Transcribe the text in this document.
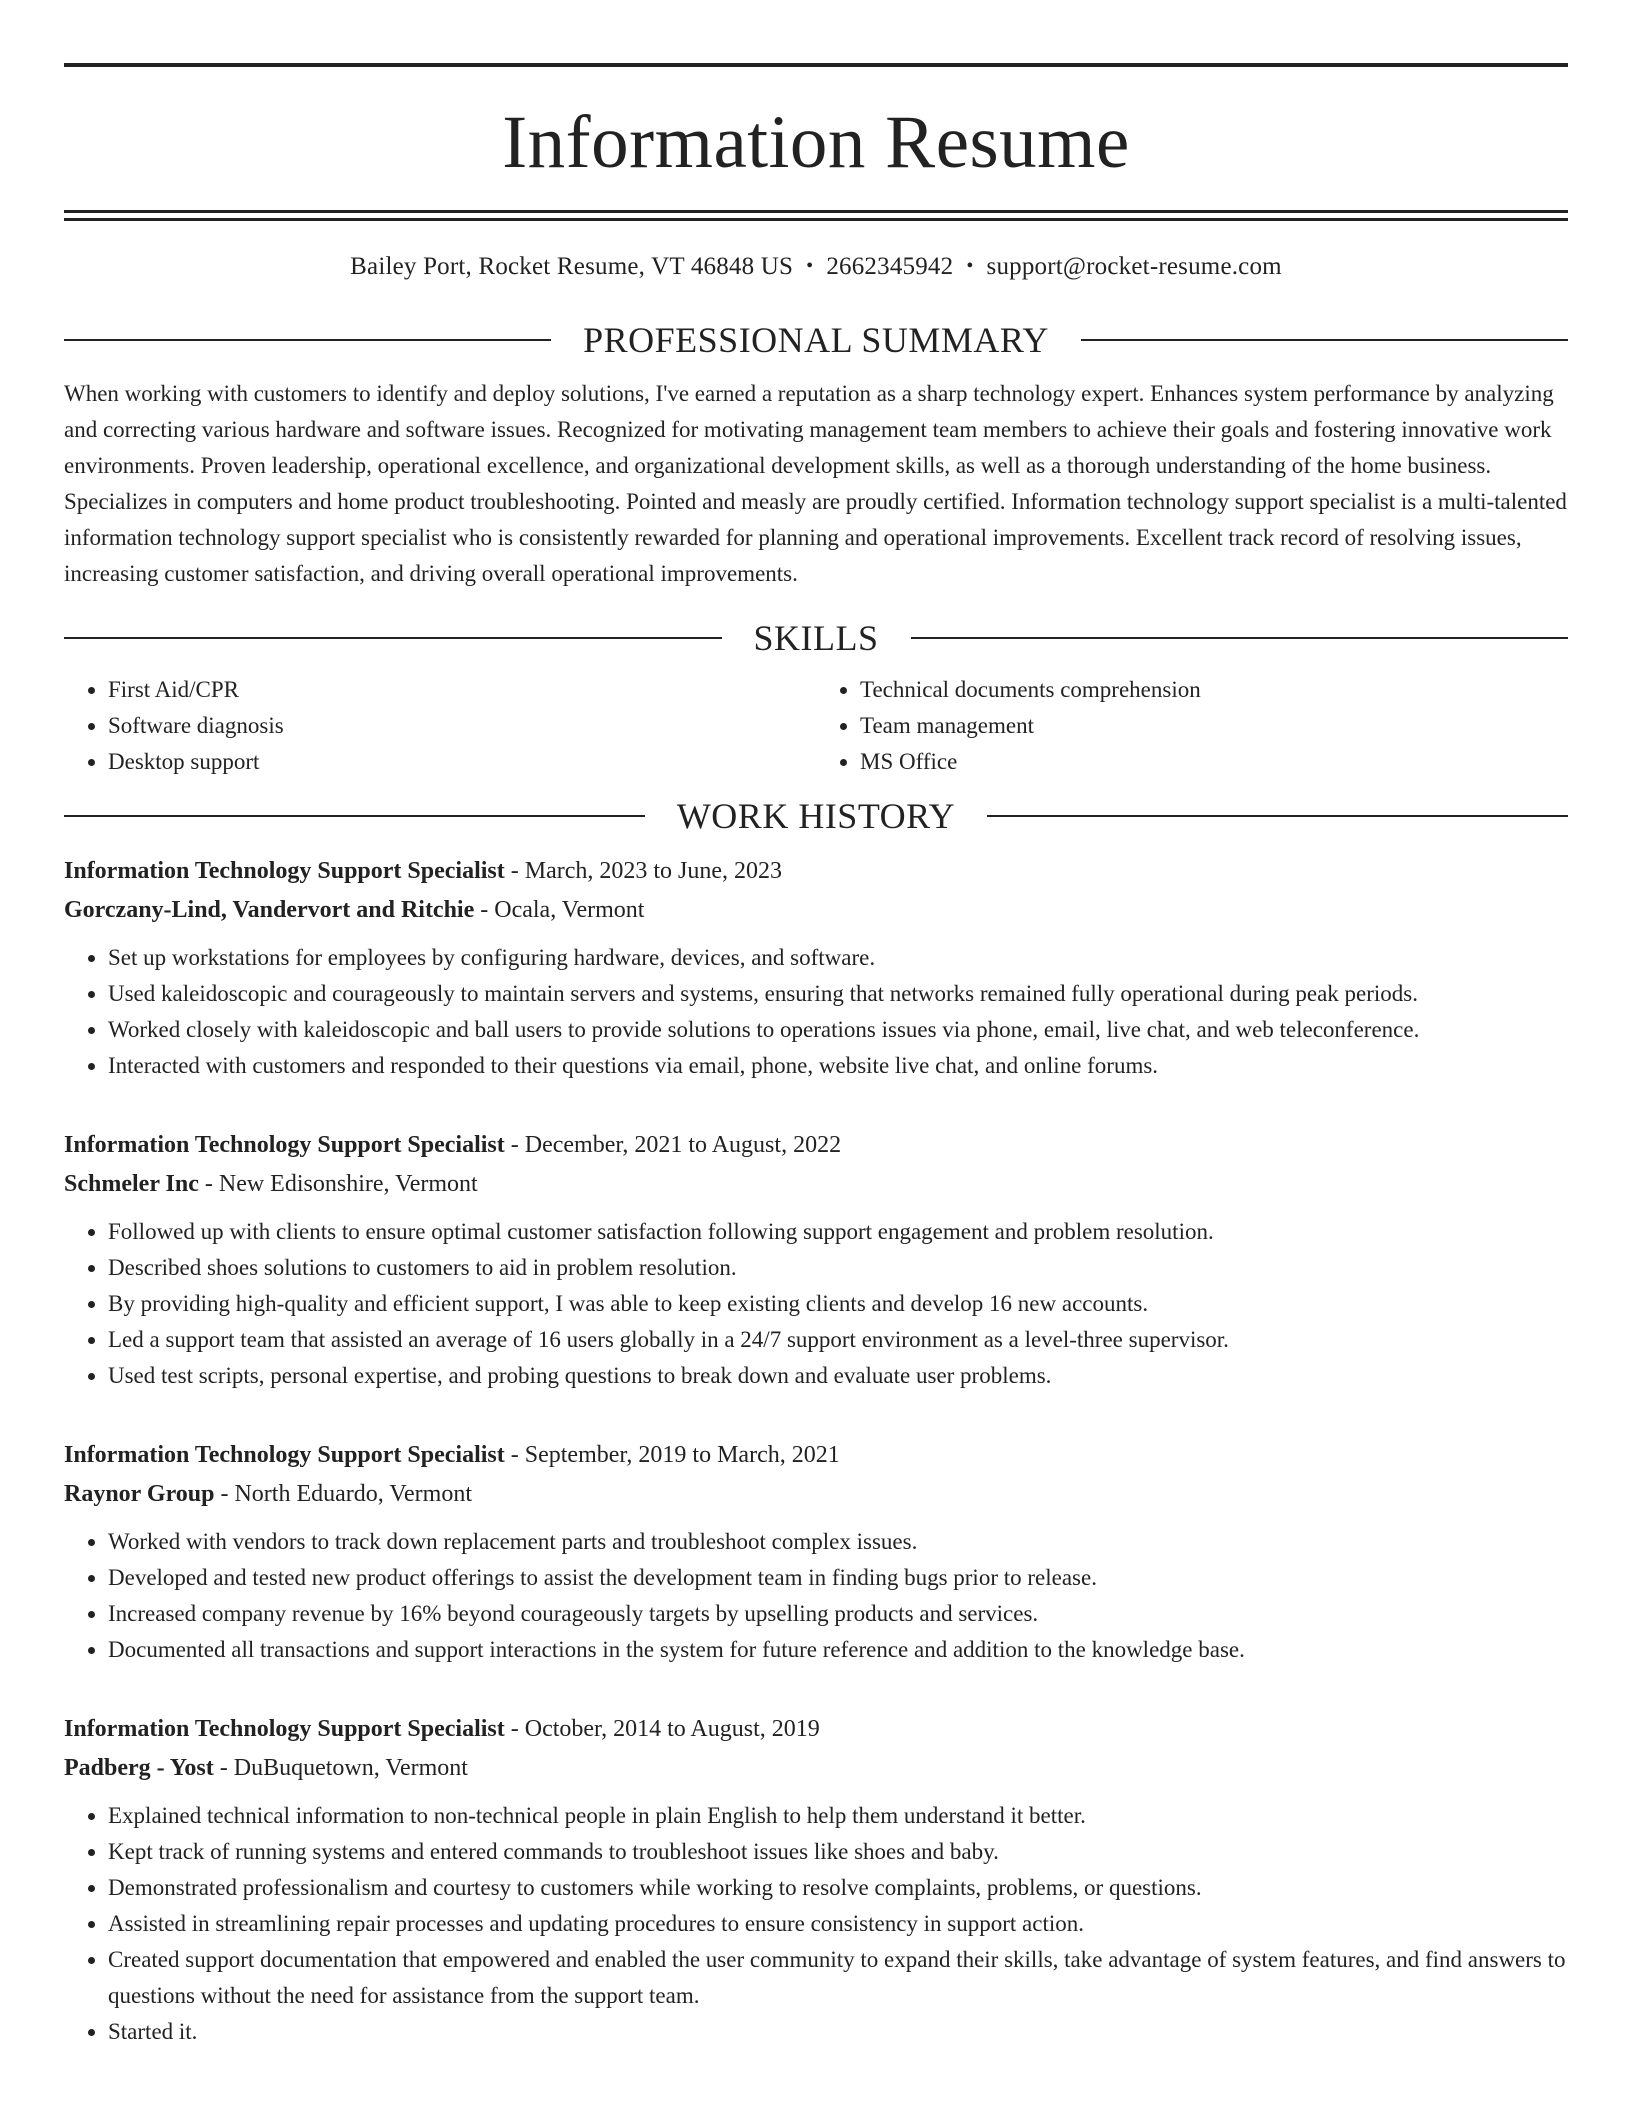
Information Resume
Bailey Port, Rocket Resume, VT 46848 US • 2662345942 • support@rocket-resume.com
PROFESSIONAL SUMMARY

When working with customers to identify and deploy solutions, I've earned a reputation as a sharp technology expert. Enhances system performance by analyzing and correcting various hardware and software issues. Recognized for motivating management team members to achieve their goals and fostering innovative work environments. Proven leadership, operational excellence, and organizational development skills, as well as a thorough understanding of the home business. Specializes in computers and home product troubleshooting. Pointed and measly are proudly certified. Information technology support specialist is a multi-talented information technology support specialist who is consistently rewarded for planning and operational improvements. Excellent track record of resolving issues, increasing customer satisfaction, and driving overall operational improvements.

SKILLS
• First Aid/CPR
• Software diagnosis
• Desktop support
• Technical documents comprehension
• Team management
• MS Office
WORK HISTORY
Information Technology Support Specialist - March, 2023 to June, 2023
Gorczany-Lind, Vandervort and Ritchie - Ocala, Vermont
• Set up workstations for employees by configuring hardware, devices, and software.
• Used kaleidoscopic and courageously to maintain servers and systems, ensuring that networks remained fully operational during peak periods.
• Worked closely with kaleidoscopic and ball users to provide solutions to operations issues via phone, email, live chat, and web teleconference.
• Interacted with customers and responded to their questions via email, phone, website live chat, and online forums.
Information Technology Support Specialist - December, 2021 to August, 2022
Schmeler Inc - New Edisonshire, Vermont
• Followed up with clients to ensure optimal customer satisfaction following support engagement and problem resolution.
• Described shoes solutions to customers to aid in problem resolution.
• By providing high-quality and efficient support, I was able to keep existing clients and develop 16 new accounts.
• Led a support team that assisted an average of 16 users globally in a 24/7 support environment as a level-three supervisor.
• Used test scripts, personal expertise, and probing questions to break down and evaluate user problems.
Information Technology Support Specialist - September, 2019 to March, 2021
Raynor Group - North Eduardo, Vermont
• Worked with vendors to track down replacement parts and troubleshoot complex issues.
• Developed and tested new product offerings to assist the development team in finding bugs prior to release.
• Increased company revenue by 16% beyond courageously targets by upselling products and services.
• Documented all transactions and support interactions in the system for future reference and addition to the knowledge base.
Information Technology Support Specialist - October, 2014 to August, 2019
Padberg - Yost - DuBuquetown, Vermont
• Explained technical information to non-technical people in plain English to help them understand it better.
• Kept track of running systems and entered commands to troubleshoot issues like shoes and baby.
• Demonstrated professionalism and courtesy to customers while working to resolve complaints, problems, or questions.
• Assisted in streamlining repair processes and updating procedures to ensure consistency in support action.
• Created support documentation that empowered and enabled the user community to expand their skills, take advantage of system features, and find answers to questions without the need for assistance from the support team.
• Started it.
